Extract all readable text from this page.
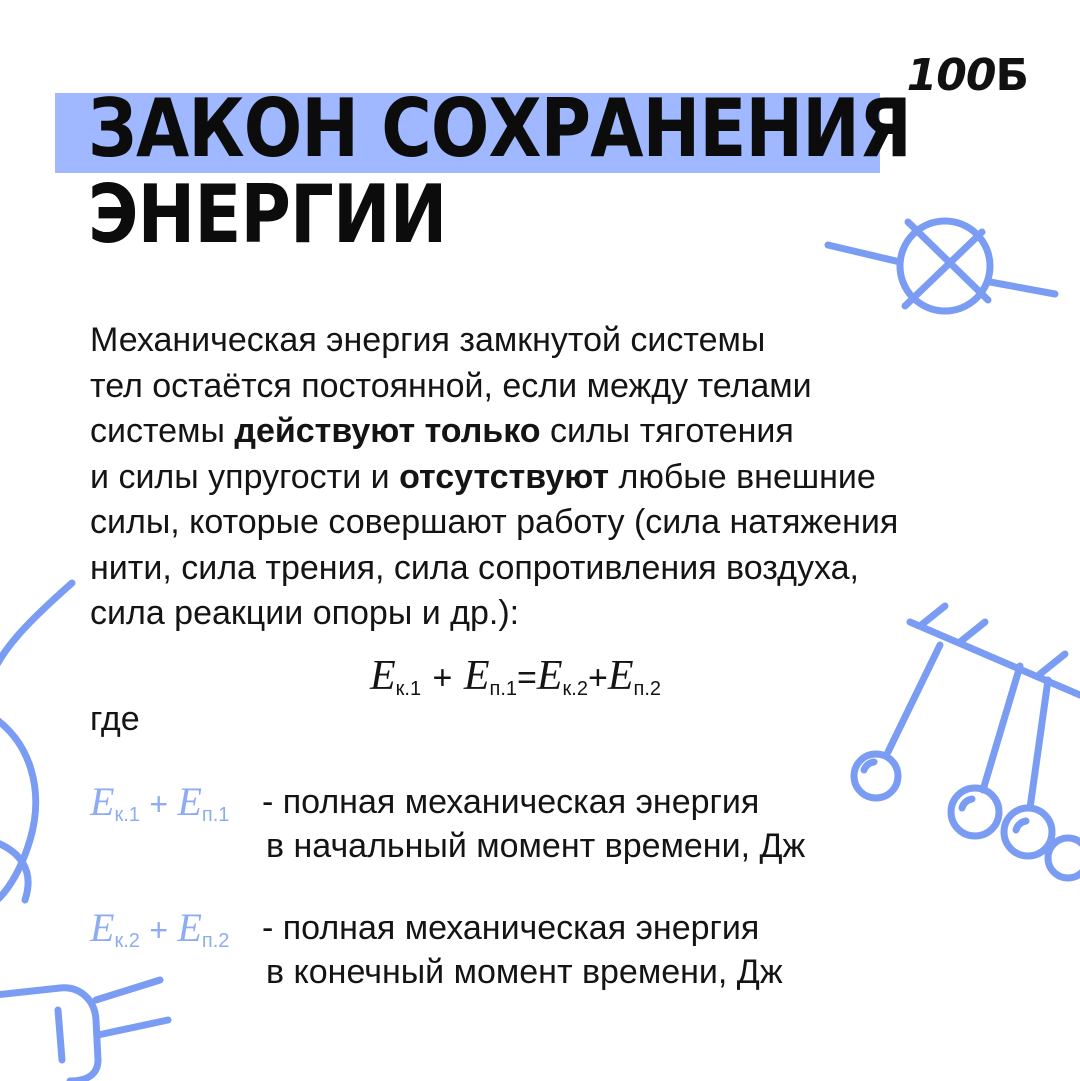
100Б
ЗАКОН СОХРАНЕНИЯ
ЭНЕРГИИ

Механическая энергия замкнутой системы
тел остаётся постоянной, если между телами
системы действуют только силы тяготения
и силы упругости и отсутствуют любые внешние
силы, которые совершают работу (сила натяжения
нити, сила трения, сила сопротивления воздуха,
сила реакции опоры и др.):

$E_{к.1} + E_{п.1}=E_{к.2}+E_{п.2}$
где
$E_{к.1} + E_{п.1}$ - полная механическая энергия
в начальный момент времени, Дж
$E_{к.2} + E_{п.2}$ - полная механическая энергия
в конечный момент времени, Дж
